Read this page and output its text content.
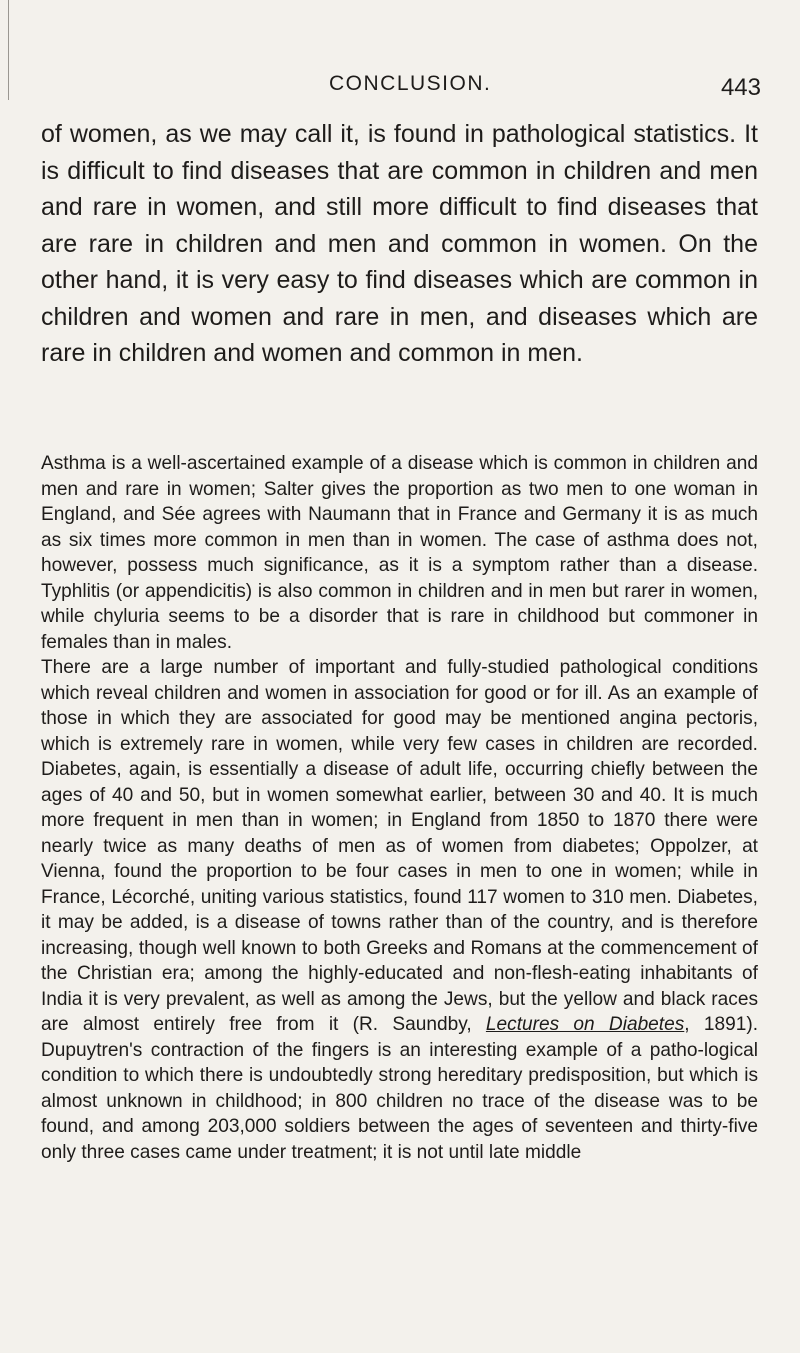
CONCLUSION.	443

of women, as we may call it, is found in pathological statistics. It is difficult to find diseases that are common in children and men and rare in women, and still more difficult to find diseases that are rare in children and men and common in women. On the other hand, it is very easy to find diseases which are common in children and women and rare in men, and diseases which are rare in children and women and common in men.

Asthma is a well-ascertained example of a disease which is common in children and men and rare in women; Salter gives the proportion as two men to one woman in England, and Sée agrees with Naumann that in France and Germany it is as much as six times more common in men than in women. The case of asthma does not, however, possess much significance, as it is a symptom rather than a disease. Typhlitis (or appendicitis) is also common in children and in men but rarer in women, while chyluria seems to be a disorder that is rare in childhood but commoner in females than in males.

There are a large number of important and fully-studied pathological conditions which reveal children and women in association for good or for ill. As an example of those in which they are associated for good may be mentioned angina pectoris, which is extremely rare in women, while very few cases in children are recorded. Diabetes, again, is essentially a disease of adult life, occurring chiefly between the ages of 40 and 50, but in women somewhat earlier, between 30 and 40. It is much more frequent in men than in women; in England from 1850 to 1870 there were nearly twice as many deaths of men as of women from diabetes; Oppolzer, at Vienna, found the proportion to be four cases in men to one in women; while in France, Lécorché, uniting various statistics, found 117 women to 310 men. Diabetes, it may be added, is a disease of towns rather than of the country, and is therefore increasing, though well known to both Greeks and Romans at the commencement of the Christian era; among the highly-educated and non-flesh-eating inhabitants of India it is very prevalent, as well as among the Jews, but the yellow and black races are almost entirely free from it (R. Saundby, Lectures on Diabetes, 1891). Dupuytren's contraction of the fingers is an interesting example of a patho-logical condition to which there is undoubtedly strong hereditary predisposition, but which is almost unknown in childhood; in 800 children no trace of the disease was to be found, and among 203,000 soldiers between the ages of seventeen and thirty-five only three cases came under treatment; it is not until late middle
